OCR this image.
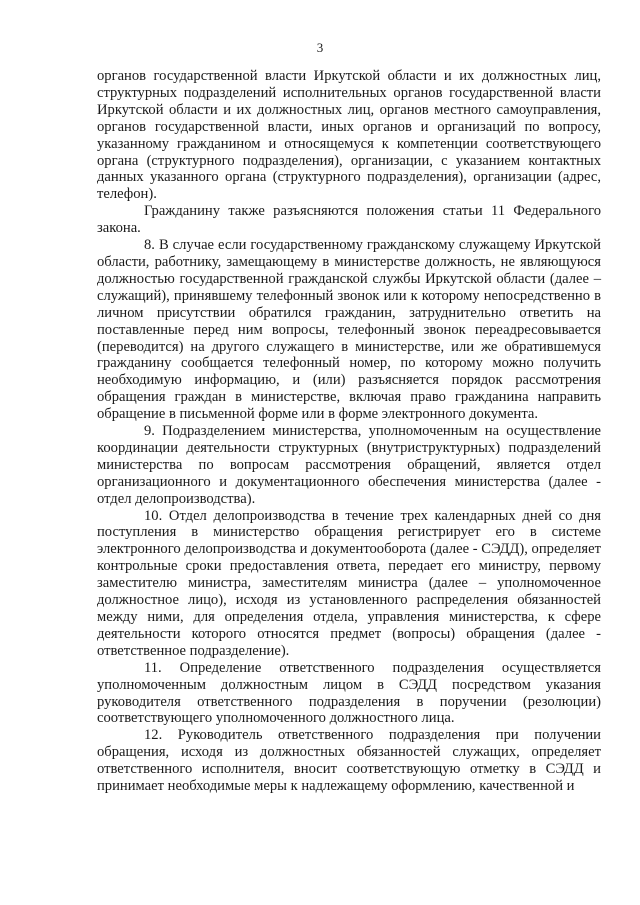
3

органов государственной власти Иркутской области и их должностных лиц, структурных подразделений исполнительных органов государственной власти Иркутской области и их должностных лиц, органов местного самоуправления, органов государственной власти, иных органов и организаций по вопросу, указанному гражданином и относящемуся к компетенции соответствующего органа (структурного подразделения), организации, с указанием контактных данных указанного органа (структурного подразделения), организации (адрес, телефон).

Гражданину также разъясняются положения статьи 11 Федерального закона.

8. В случае если государственному гражданскому служащему Иркутской области, работнику, замещающему в министерстве должность, не являющуюся должностью государственной гражданской службы Иркутской области (далее – служащий), принявшему телефонный звонок или к которому непосредственно в личном присутствии обратился гражданин, затруднительно ответить на поставленные перед ним вопросы, телефонный звонок переадресовывается (переводится) на другого служащего в министерстве, или же обратившемуся гражданину сообщается телефонный номер, по которому можно получить необходимую информацию, и (или) разъясняется порядок рассмотрения обращения граждан в министерстве, включая право гражданина направить обращение в письменной форме или в форме электронного документа.

9. Подразделением министерства, уполномоченным на осуществление координации деятельности структурных (внутриструктурных) подразделений министерства по вопросам рассмотрения обращений, является отдел организационного и документационного обеспечения министерства (далее - отдел делопроизводства).

10. Отдел делопроизводства в течение трех календарных дней со дня поступления в министерство обращения регистрирует его в системе электронного делопроизводства и документооборота (далее - СЭДД), определяет контрольные сроки предоставления ответа, передает его министру, первому заместителю министра, заместителям министра (далее – уполномоченное должностное лицо), исходя из установленного распределения обязанностей между ними, для определения отдела, управления министерства, к сфере деятельности которого относятся предмет (вопросы) обращения (далее - ответственное подразделение).

11. Определение ответственного подразделения осуществляется уполномоченным должностным лицом в СЭДД посредством указания руководителя ответственного подразделения в поручении (резолюции) соответствующего уполномоченного должностного лица.

12. Руководитель ответственного подразделения при получении обращения, исходя из должностных обязанностей служащих, определяет ответственного исполнителя, вносит соответствующую отметку в СЭДД и принимает необходимые меры к надлежащему оформлению, качественной и
